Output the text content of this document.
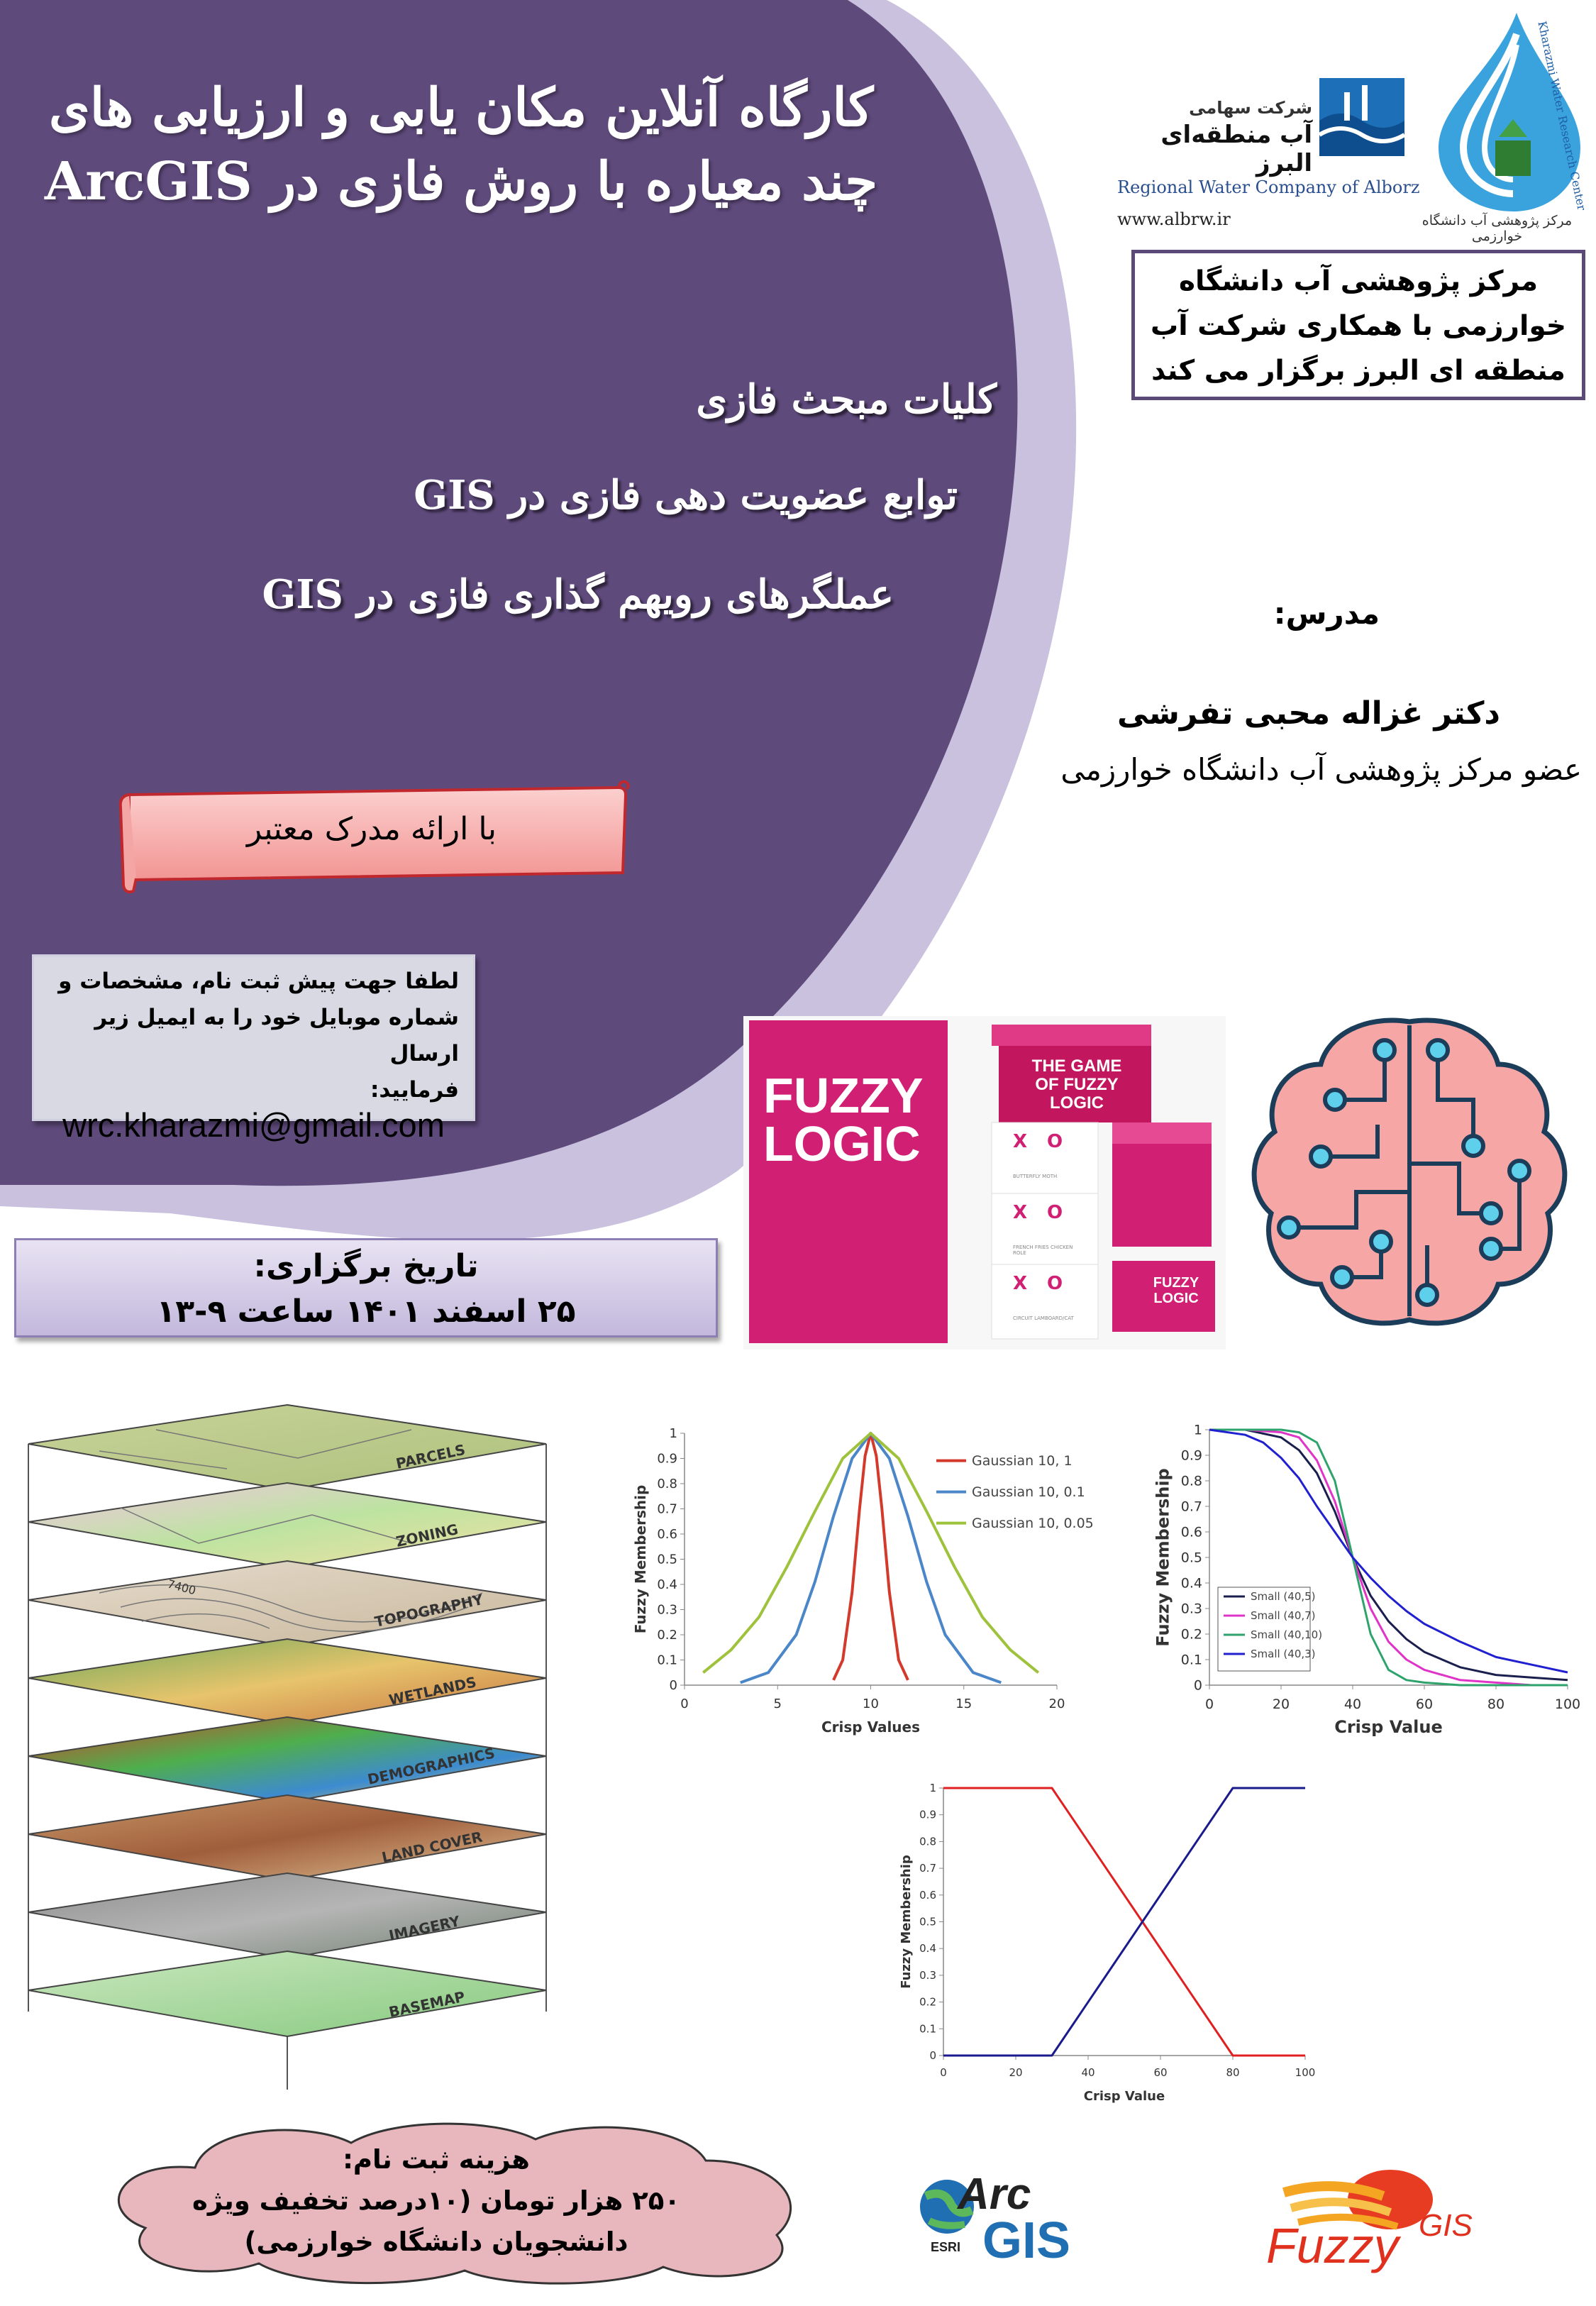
کارگاه آنلاین مکان یابی و ارزیابی های
چند معیاره با روش فازی در ArcGIS
کلیات مبحث فازی
توابع عضویت دهی فازی در GIS
عملگرهای رویهم گذاری فازی در GIS
شرکت سهامی
آب منطقه‌ای البرز
Regional Water Company of Alborz
www.albrw.ir
Kharazmi Water Research Center
مرکز پژوهشی آب دانشگاه خوارزمی
مرکز پژوهشی آب دانشگاه
خوارزمی با همکاری شرکت آب
منطقه ای البرز برگزار می کند
مدرس:
دکتر غزاله محبی تفرشی
عضو مرکز پژوهشی آب دانشگاه خوارزمی
با ارائه مدرک معتبر
لطفا جهت پیش ثبت نام، مشخصات و
شماره موبایل خود را به ایمیل زیر ارسال
فرمایید:
wrc.kharazmi@gmail.com
تاریخ برگزاری:
۲۵ اسفند ۱۴۰۱ ساعت ۹-۱۳
FUZZY LOGIC
THE GAME OF FUZZY LOGIC
FUZZY LOGIC
X O
BUTTERFLY MOTH
X O
FRENCH FRIES CHICKEN ROLE
X O
CIRCUIT LAMBOARD/CAT
PARCELS
ZONING
TOPOGRAPHY
WETLANDS
DEMOGRAPHICS
LAND COVER
IMAGERY
BASEMAP
7400
0
0.1
0.2
0.3
0.4
0.5
0.6
0.7
0.8
0.9
1
0	5	10	15	20
Crisp Values
Fuzzy Membership
Gaussian 10, 1
Gaussian 10, 0.1
Gaussian 10, 0.05
0
0.1
0.2
0.3
0.4
0.5
0.6
0.7
0.8
0.9
1
0	20	40	60	80	100
Crisp Value
Fuzzy Membership	Small (40,5)
Small (40,7)
Small (40,10)
Small (40,3)
0
0.1
0.2
0.3
0.4
0.5
0.6
0.7
0.8
0.9
1
0	20	40	60	80	100
Crisp Value
Fuzzy Membership
هزینه ثبت نام:
۲۵۰ هزار تومان (۱۰درصد تخفیف ویژه
دانشجویان دانشگاه خوارزمی)
Arc
GIS
ESRI	Fuzzy GIS
